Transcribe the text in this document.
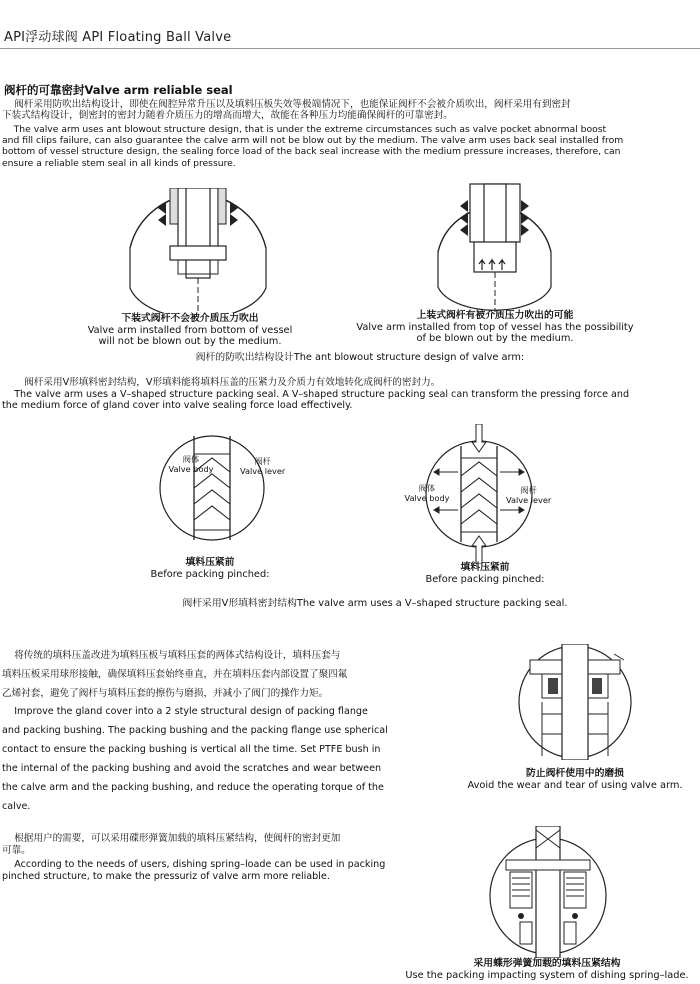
API浮动球阀 API Floating Ball Valve
阀杆的可靠密封Valve arm reliable seal
阀杆采用防吹出结构设计，即使在阀腔异常升压以及填料压板失效等极端情况下，也能保证阀杆不会被介质吹出，阀杆采用有到密封
下装式结构设计，倒密封的密封力随着介质压力的增高而增大，故能在各种压力均能确保阀杆的可靠密封。
The valve arm uses ant blowout structure design, that is under the extreme circumstances such as valve pocket abnormal boost
and fill clips failure, can also guarantee the calve arm will not be blow out by the medium. The valve arm uses back seal installed from
bottom of vessel structure design, the sealing force load of the back seal increase with the medium pressure increases, therefore, can
ensure a reliable stem seal in all kinds of pressure.
下装式阀杆不会被介质压力吹出
Valve arm installed from bottom of vessel
will not be blown out by the medium.
上装式阀杆有被介质压力吹出的可能
Valve arm installed from top of vessel has the possibility
of be blown out by the medium.
阀杆的防吹出结构设计The ant blowout structure design of valve arm:
阀杆采用V形填料密封结构，V形填料能将填料压盖的压紧力及介质力有效地转化成阀杆的密封力。
The valve arm uses a V–shaped structure packing seal. A V–shaped structure packing seal can transform the pressing force and
the medium force of gland cover into valve sealing force load effectively.
阀体
Valve body
阀杆
Valve lever
填料压紧前
Before packing pinched:
阀体
Valve body
阀杆
Valve lever
填料压紧前
Before packing pinched:
阀杆采用V形填料密封结构The valve arm uses a V–shaped structure packing seal.
将传统的填料压盖改进为填料压板与填料压套的两体式结构设计，填料压套与
填料压板采用球形接触，确保填料压套始终垂直，并在填料压套内部设置了聚四氟
乙烯衬套，避免了阀杆与填料压套的擦伤与磨损，并减小了阀门的操作力矩。
Improve the gland cover into a 2 style structural design of packing flange
and packing bushing. The packing bushing and the packing flange use spherical
contact to ensure the packing bushing is vertical all the time. Set PTFE bush in
the internal of the packing bushing and avoid the scratches and wear between
the calve arm and the packing bushing, and reduce the operating torque of the
calve.
防止阀杆使用中的磨损
Avoid the wear and tear of using valve arm.
根据用户的需要，可以采用碟形弹簧加载的填料压紧结构，使阀杆的密封更加
可靠。
According to the needs of users, dishing spring–loade can be used in packing
pinched structure, to make the pressuriz of valve arm more reliable.
采用蝶形弹簧加载的填料压紧结构
Use the packing impacting system of dishing spring–lade.
